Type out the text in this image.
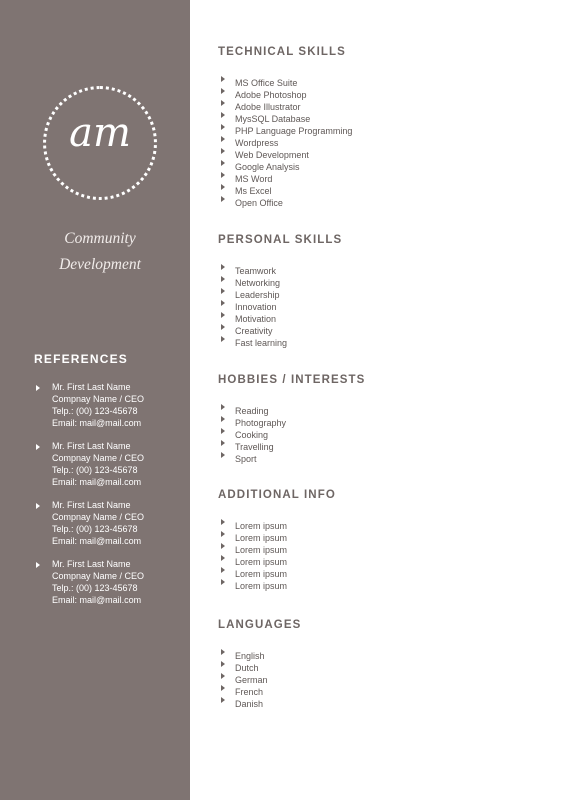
am
Community
Development
REFERENCES
Mr. First Last Name
Compnay Name / CEO
Telp.: (00) 123-45678
Email: mail@mail.com
Mr. First Last Name
Compnay Name / CEO
Telp.: (00) 123-45678
Email: mail@mail.com
Mr. First Last Name
Compnay Name / CEO
Telp.: (00) 123-45678
Email: mail@mail.com
Mr. First Last Name
Compnay Name / CEO
Telp.: (00) 123-45678
Email: mail@mail.com
TECHNICAL SKILLS
MS Office Suite
Adobe Photoshop
Adobe Illustrator
MysSQL Database
PHP Language Programming
Wordpress
Web Development
Google Analysis
MS Word
Ms Excel
Open Office
PERSONAL SKILLS
Teamwork
Networking
Leadership
Innovation
Motivation
Creativity
Fast learning
HOBBIES / INTERESTS
Reading
Photography
Cooking
Travelling
Sport
ADDITIONAL INFO
Lorem ipsum
Lorem ipsum
Lorem ipsum
Lorem ipsum
Lorem ipsum
Lorem ipsum
LANGUAGES
English
Dutch
German
French
Danish
